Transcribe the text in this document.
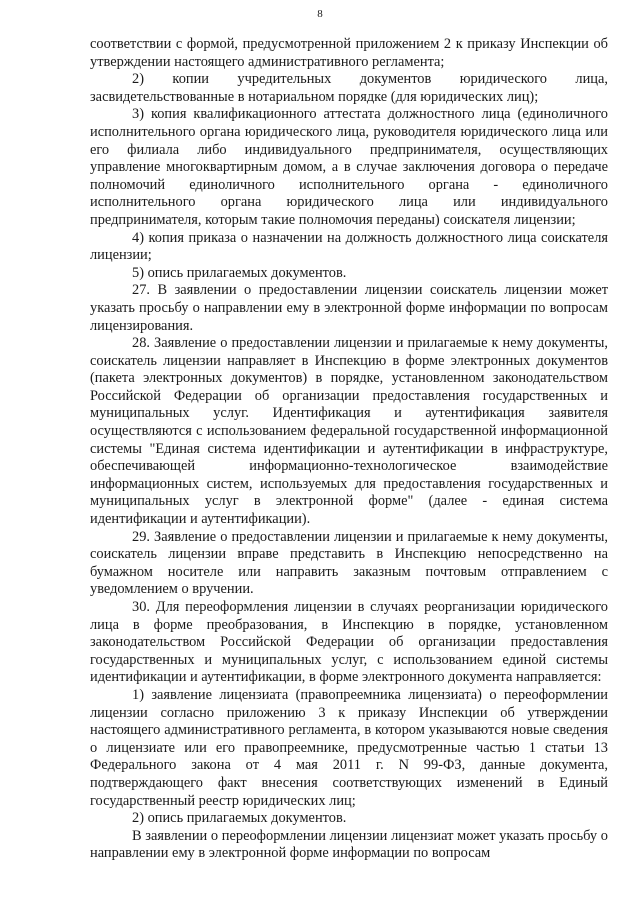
8

соответствии с формой, предусмотренной приложением 2 к приказу Инспекции об утверждении настоящего административного регламента;

2) копии учредительных документов юридического лица, засвидетельствованные в нотариальном порядке (для юридических лиц);

3) копия квалификационного аттестата должностного лица (единоличного исполнительного органа юридического лица, руководителя юридического лица или его филиала либо индивидуального предпринимателя, осуществляющих управление многоквартирным домом, а в случае заключения договора о передаче полномочий единоличного исполнительного органа - единоличного исполнительного органа юридического лица или индивидуального предпринимателя, которым такие полномочия переданы) соискателя лицензии;

4) копия приказа о назначении на должность должностного лица соискателя лицензии;

5) опись прилагаемых документов.

27. В заявлении о предоставлении лицензии соискатель лицензии может указать просьбу о направлении ему в электронной форме информации по вопросам лицензирования.

28. Заявление о предоставлении лицензии и прилагаемые к нему документы, соискатель лицензии направляет в Инспекцию в форме электронных документов (пакета электронных документов) в порядке, установленном законодательством Российской Федерации об организации предоставления государственных и муниципальных услуг. Идентификация и аутентификация заявителя осуществляются с использованием федеральной государственной информационной системы "Единая система идентификации и аутентификации в инфраструктуре, обеспечивающей информационно-технологическое взаимодействие информационных систем, используемых для предоставления государственных и муниципальных услуг в электронной форме" (далее - единая система идентификации и аутентификации).

29. Заявление о предоставлении лицензии и прилагаемые к нему документы, соискатель лицензии вправе представить в Инспекцию непосредственно на бумажном носителе или направить заказным почтовым отправлением с уведомлением о вручении.

30. Для переоформления лицензии в случаях реорганизации юридического лица в форме преобразования, в Инспекцию в порядке, установленном законодательством Российской Федерации об организации предоставления государственных и муниципальных услуг, с использованием единой системы идентификации и аутентификации, в форме электронного документа направляется:

1) заявление лицензиата (правопреемника лицензиата) о переоформлении лицензии согласно приложению 3 к приказу Инспекции об утверждении настоящего административного регламента, в котором указываются новые сведения о лицензиате или его правопреемнике, предусмотренные частью 1 статьи 13 Федерального закона от 4 мая 2011 г. N 99-ФЗ, данные документа, подтверждающего факт внесения соответствующих изменений в Единый государственный реестр юридических лиц;

2) опись прилагаемых документов.

В заявлении о переоформлении лицензии лицензиат может указать просьбу о направлении ему в электронной форме информации по вопросам
